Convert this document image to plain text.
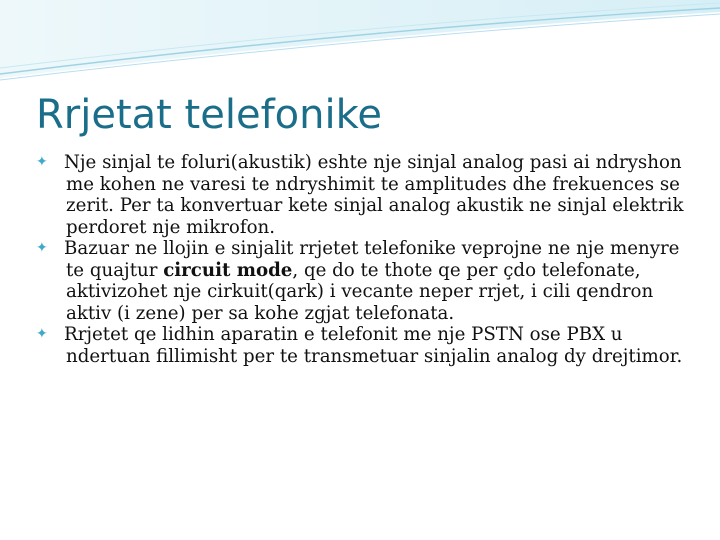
Rrjetat telefonike
✦ Nje sinjal te foluri(akustik) eshte nje sinjal analog pasi ai ndryshon me kohen ne varesi te ndryshimit te amplitudes dhe frekuences se zerit. Per ta konvertuar kete sinjal analog akustik ne sinjal elektrik perdoret nje mikrofon.
✦ Bazuar ne llojin e sinjalit rrjetet telefonike veprojne ne nje menyre te quajtur circuit mode, qe do te thote qe per çdo telefonate, aktivizohet nje cirkuit(qark) i vecante neper rrjet, i cili qendron aktiv (i zene) per sa kohe zgjat telefonata.
✦ Rrjetet qe lidhin aparatin e telefonit me nje PSTN ose PBX u ndertuan fillimisht per te transmetuar sinjalin analog dy drejtimor.
